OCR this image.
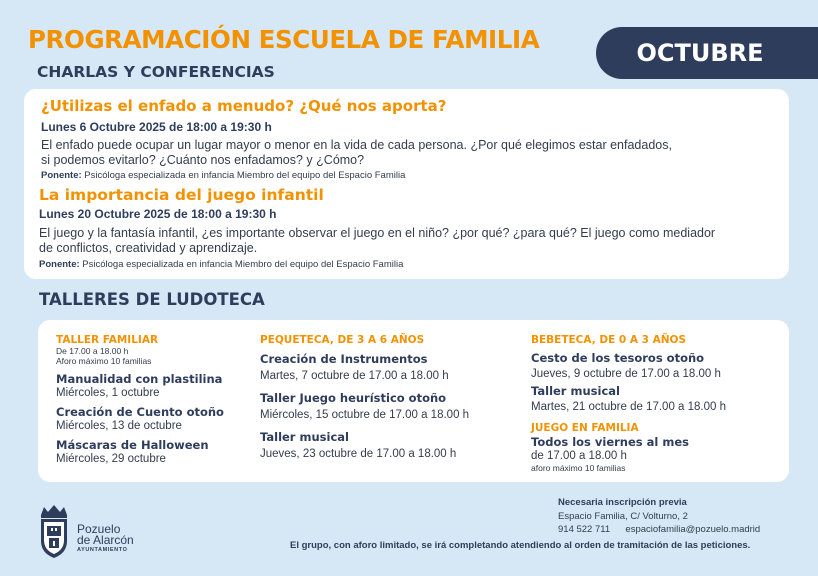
PROGRAMACIÓN ESCUELA DE FAMILIA	OCTUBRE
CHARLAS Y CONFERENCIAS
¿Utilizas el enfado a menudo? ¿Qué nos aporta?
Lunes 6 Octubre 2025 de 18:00 a 19:30 h
El enfado puede ocupar un lugar mayor o menor en la vida de cada persona. ¿Por qué elegimos estar enfadados,
si podemos evitarlo? ¿Cuánto nos enfadamos? y ¿Cómo?
Ponente: Psicóloga especializada en infancia Miembro del equipo del Espacio Familia
La importancia del juego infantil
Lunes 20 Octubre 2025 de 18:00 a 19:30 h
El juego y la fantasía infantil, ¿es importante observar el juego en el niño? ¿por qué? ¿para qué? El juego como mediador
de conflictos, creatividad y aprendizaje.
Ponente: Psicóloga especializada en infancia Miembro del equipo del Espacio Familia
TALLERES DE LUDOTECA
TALLER FAMILIAR
De 17.00 a 18.00 h
Aforo máximo 10 familias
Manualidad con plastilina
Miércoles, 1 octubre
Creación de Cuento otoño
Miércoles, 13 de octubre
Máscaras de Halloween
Miércoles, 29 octubre
PEQUETECA, DE 3 A 6 AÑOS
Creación de Instrumentos
Martes, 7 octubre de 17.00 a 18.00 h
Taller Juego heurístico otoño
Miércoles, 15 octubre de 17.00 a 18.00 h
Taller musical
Jueves, 23 octubre de 17.00 a 18.00 h
BEBETECA, DE 0 A 3 AÑOS
Cesto de los tesoros otoño
Jueves, 9 octubre de 17.00 a 18.00 h
Taller musical
Martes, 21 octubre de 17.00 a 18.00 h
JUEGO EN FAMILIA
Todos los viernes al mes
de 17.00 a 18.00 h
aforo máximo 10 familias
Pozuelo
de Alarcón
AYUNTAMIENTO
Necesaria inscripción previa
Espacio Familia, C/ Volturno, 2
914 522 711 espaciofamilia@pozuelo.madrid
El grupo, con aforo limitado, se irá completando atendiendo al orden de tramitación de las peticiones.
